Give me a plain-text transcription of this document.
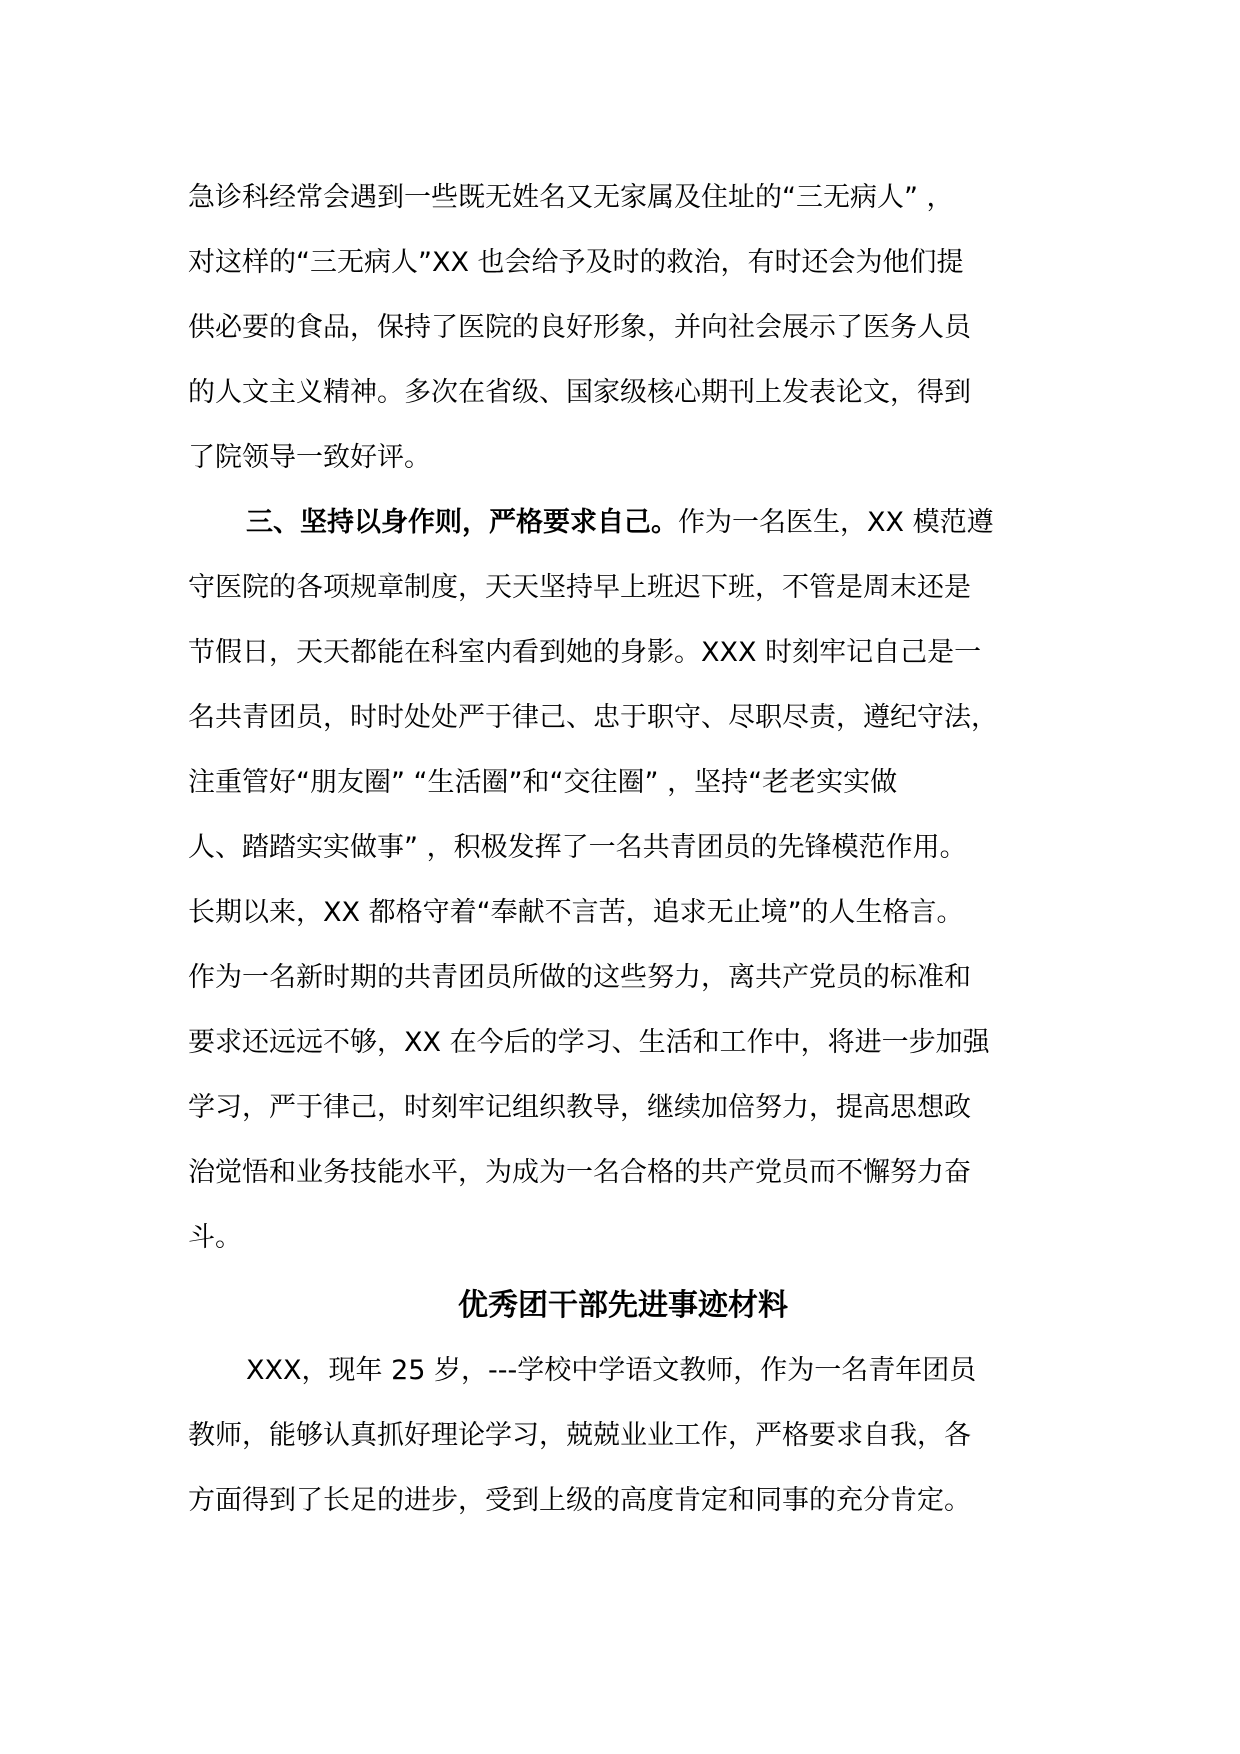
急诊科经常会遇到一些既无姓名又无家属及住址的“三无病人” ，
对这样的“三无病人”XX 也会给予及时的救治，有时还会为他们提
供必要的食品，保持了医院的良好形象，并向社会展示了医务人员
的人文主义精神。多次在省级、国家级核心期刊上发表论文，得到
了院领导一致好评。
三、坚持以身作则，严格要求自己。作为一名医生，XX 模范遵
守医院的各项规章制度，天天坚持早上班迟下班，不管是周末还是
节假日，天天都能在科室内看到她的身影。XXX 时刻牢记自己是一
名共青团员，时时处处严于律己、忠于职守、尽职尽责，遵纪守法，
注重管好“朋友圈” “生活圈”和“交往圈” ，坚持“老老实实做
人、踏踏实实做事” ，积极发挥了一名共青团员的先锋模范作用。
长期以来，XX 都格守着“奉献不言苦，追求无止境”的人生格言。
作为一名新时期的共青团员所做的这些努力，离共产党员的标准和
要求还远远不够，XX 在今后的学习、生活和工作中，将进一步加强
学习，严于律己，时刻牢记组织教导，继续加倍努力，提高思想政
治觉悟和业务技能水平，为成为一名合格的共产党员而不懈努力奋
斗。
优秀团干部先进事迹材料
XXX，现年 25 岁，---学校中学语文教师，作为一名青年团员
教师，能够认真抓好理论学习，兢兢业业工作，严格要求自我，各
方面得到了长足的进步，受到上级的高度肯定和同事的充分肯定。
